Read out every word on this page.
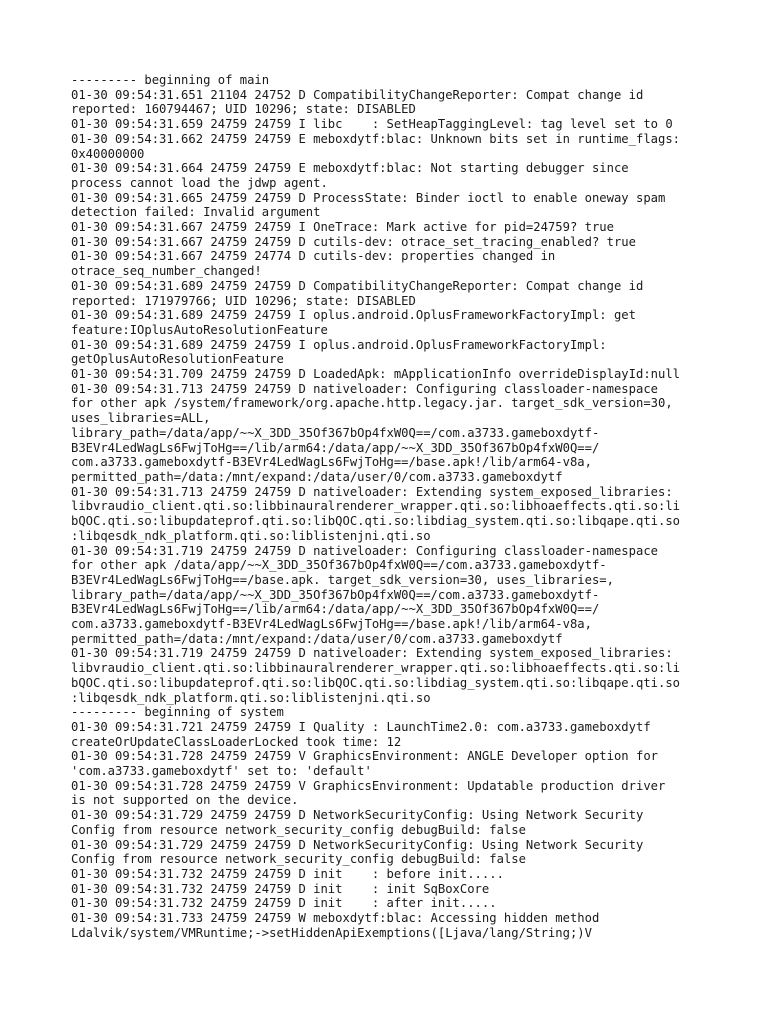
--------- beginning of main
01-30 09:54:31.651 21104 24752 D CompatibilityChangeReporter: Compat change id
reported: 160794467; UID 10296; state: DISABLED
01-30 09:54:31.659 24759 24759 I libc    : SetHeapTaggingLevel: tag level set to 0
01-30 09:54:31.662 24759 24759 E meboxdytf:blac: Unknown bits set in runtime_flags:
0x40000000
01-30 09:54:31.664 24759 24759 E meboxdytf:blac: Not starting debugger since
process cannot load the jdwp agent.
01-30 09:54:31.665 24759 24759 D ProcessState: Binder ioctl to enable oneway spam
detection failed: Invalid argument
01-30 09:54:31.667 24759 24759 I OneTrace: Mark active for pid=24759? true
01-30 09:54:31.667 24759 24759 D cutils-dev: otrace_set_tracing_enabled? true
01-30 09:54:31.667 24759 24774 D cutils-dev: properties changed in
otrace_seq_number_changed!
01-30 09:54:31.689 24759 24759 D CompatibilityChangeReporter: Compat change id
reported: 171979766; UID 10296; state: DISABLED
01-30 09:54:31.689 24759 24759 I oplus.android.OplusFrameworkFactoryImpl: get
feature:IOplusAutoResolutionFeature
01-30 09:54:31.689 24759 24759 I oplus.android.OplusFrameworkFactoryImpl:
getOplusAutoResolutionFeature
01-30 09:54:31.709 24759 24759 D LoadedApk: mApplicationInfo overrideDisplayId:null
01-30 09:54:31.713 24759 24759 D nativeloader: Configuring classloader-namespace
for other apk /system/framework/org.apache.http.legacy.jar. target_sdk_version=30,
uses_libraries=ALL,
library_path=/data/app/~~X_3DD_35Of367bOp4fxW0Q==/com.a3733.gameboxdytf-
B3EVr4LedWagLs6FwjToHg==/lib/arm64:/data/app/~~X_3DD_35Of367bOp4fxW0Q==/
com.a3733.gameboxdytf-B3EVr4LedWagLs6FwjToHg==/base.apk!/lib/arm64-v8a,
permitted_path=/data:/mnt/expand:/data/user/0/com.a3733.gameboxdytf
01-30 09:54:31.713 24759 24759 D nativeloader: Extending system_exposed_libraries:
libvraudio_client.qti.so:libbinauralrenderer_wrapper.qti.so:libhoaeffects.qti.so:li
bQOC.qti.so:libupdateprof.qti.so:libQOC.qti.so:libdiag_system.qti.so:libqape.qti.so
:libqesdk_ndk_platform.qti.so:liblistenjni.qti.so
01-30 09:54:31.719 24759 24759 D nativeloader: Configuring classloader-namespace
for other apk /data/app/~~X_3DD_35Of367bOp4fxW0Q==/com.a3733.gameboxdytf-
B3EVr4LedWagLs6FwjToHg==/base.apk. target_sdk_version=30, uses_libraries=,
library_path=/data/app/~~X_3DD_35Of367bOp4fxW0Q==/com.a3733.gameboxdytf-
B3EVr4LedWagLs6FwjToHg==/lib/arm64:/data/app/~~X_3DD_35Of367bOp4fxW0Q==/
com.a3733.gameboxdytf-B3EVr4LedWagLs6FwjToHg==/base.apk!/lib/arm64-v8a,
permitted_path=/data:/mnt/expand:/data/user/0/com.a3733.gameboxdytf
01-30 09:54:31.719 24759 24759 D nativeloader: Extending system_exposed_libraries:
libvraudio_client.qti.so:libbinauralrenderer_wrapper.qti.so:libhoaeffects.qti.so:li
bQOC.qti.so:libupdateprof.qti.so:libQOC.qti.so:libdiag_system.qti.so:libqape.qti.so
:libqesdk_ndk_platform.qti.so:liblistenjni.qti.so
--------- beginning of system
01-30 09:54:31.721 24759 24759 I Quality : LaunchTime2.0: com.a3733.gameboxdytf
createOrUpdateClassLoaderLocked took time: 12
01-30 09:54:31.728 24759 24759 V GraphicsEnvironment: ANGLE Developer option for
'com.a3733.gameboxdytf' set to: 'default'
01-30 09:54:31.728 24759 24759 V GraphicsEnvironment: Updatable production driver
is not supported on the device.
01-30 09:54:31.729 24759 24759 D NetworkSecurityConfig: Using Network Security
Config from resource network_security_config debugBuild: false
01-30 09:54:31.729 24759 24759 D NetworkSecurityConfig: Using Network Security
Config from resource network_security_config debugBuild: false
01-30 09:54:31.732 24759 24759 D init    : before init.....
01-30 09:54:31.732 24759 24759 D init    : init SqBoxCore
01-30 09:54:31.732 24759 24759 D init    : after init.....
01-30 09:54:31.733 24759 24759 W meboxdytf:blac: Accessing hidden method
Ldalvik/system/VMRuntime;->setHiddenApiExemptions([Ljava/lang/String;)V
